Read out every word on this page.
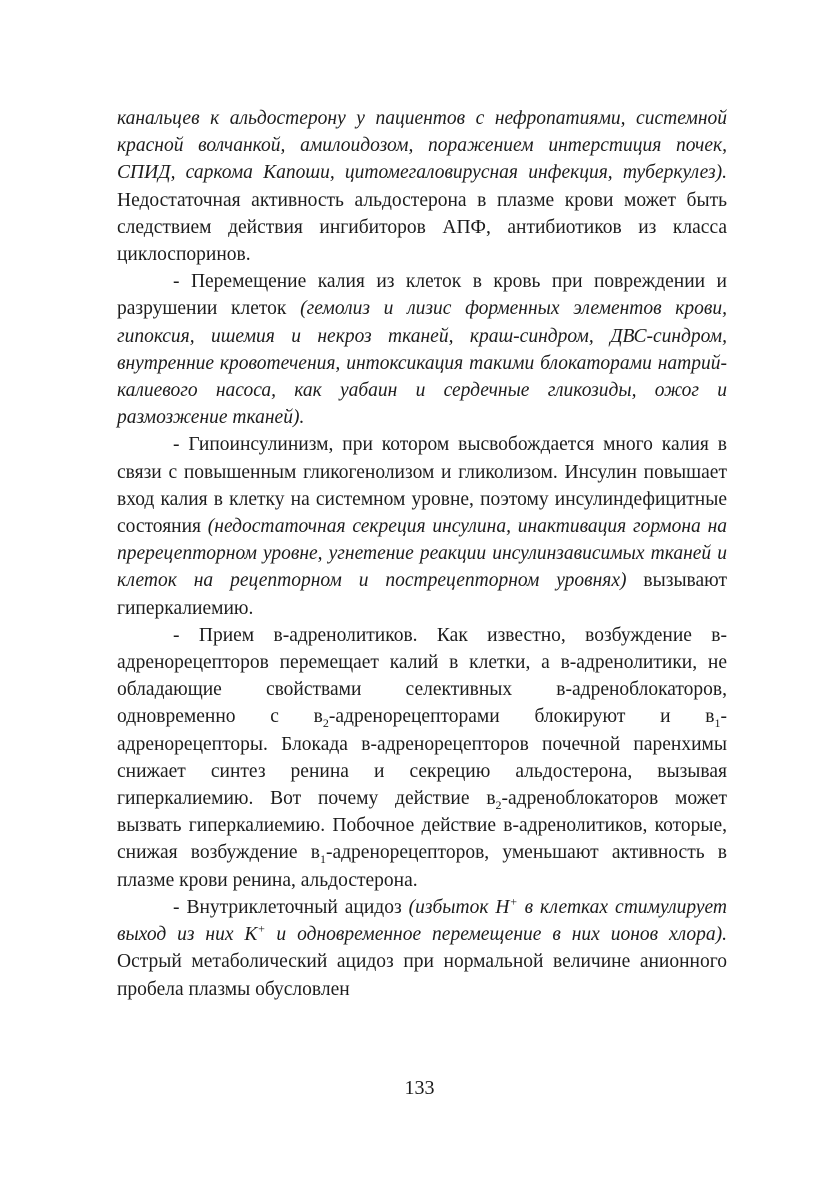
канальцев к альдостерону у пациентов с нефропатиями, системной красной волчанкой, амилоидозом, поражением интерстиция почек, СПИД, саркома Капоши, цитомегаловирусная инфекция, туберкулез). Недостаточная активность альдостерона в плазме крови может быть следствием действия ингибиторов АПФ, антибиотиков из класса циклоспоринов.

- Перемещение калия из клеток в кровь при повреждении и разрушении клеток (гемолиз и лизис форменных элементов крови, гипоксия, ишемия и некроз тканей, краш-синдром, ДВС-синдром, внутренние кровотечения, интоксикация такими блокаторами натрий-калиевого насоса, как уабаин и сердечные гликозиды, ожог и размозжение тканей).

- Гипоинсулинизм, при котором высвобождается много калия в связи с повышенным гликогенолизом и гликолизом. Инсулин повышает вход калия в клетку на системном уровне, поэтому инсулиндефицитные состояния (недостаточная секреция инсулина, инактивация гормона на пререцепторном уровне, угнетение реакции инсулинзависимых тканей и клеток на рецепторном и пострецепторном уровнях) вызывают гиперкалиемию.

- Прием в-адренолитиков. Как известно, возбуждение в-адренорецепторов перемещает калий в клетки, а в-адренолитики, не обладающие свойствами селективных в-адреноблокаторов, одновременно с $в_2$-адренорецепторами блокируют и $в_1$-адренорецепторы. Блокада в-адренорецепторов почечной паренхимы снижает синтез ренина и секрецию альдостерона, вызывая гиперкалиемию. Вот почему действие $в_2$-адреноблокаторов может вызвать гиперкалиемию. Побочное действие в-адренолитиков, которые, снижая возбуждение $в_1$-адренорецепторов, уменьшают активность в плазме крови ренина, альдостерона.

- Внутриклеточный ацидоз (избыток H+ в клетках стимулирует выход из них K+ и одновременное перемещение в них ионов хлора). Острый метаболический ацидоз при нормальной величине анионного пробела плазмы обусловлен

133
